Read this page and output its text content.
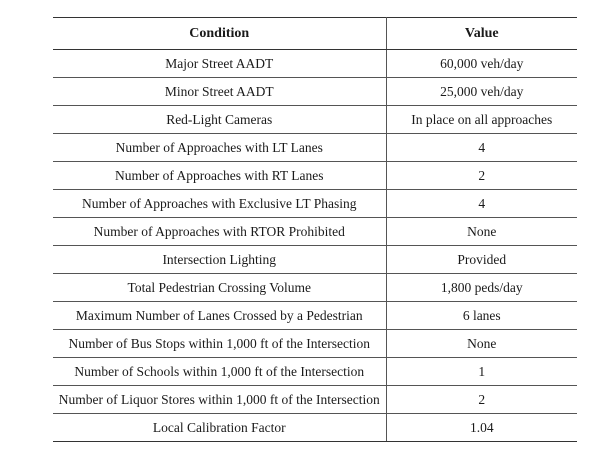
Condition	Value
Major Street AADT	60,000 veh/day
Minor Street AADT	25,000 veh/day
Red-Light Cameras	In place on all approaches
Number of Approaches with LT Lanes	4
Number of Approaches with RT Lanes	2
Number of Approaches with Exclusive LT Phasing	4
Number of Approaches with RTOR Prohibited	None
Intersection Lighting	Provided
Total Pedestrian Crossing Volume	1,800 peds/day
Maximum Number of Lanes Crossed by a Pedestrian	6 lanes
Number of Bus Stops within 1,000 ft of the Intersection	None
Number of Schools within 1,000 ft of the Intersection	1
Number of Liquor Stores within 1,000 ft of the Intersection	2
Local Calibration Factor	1.04
